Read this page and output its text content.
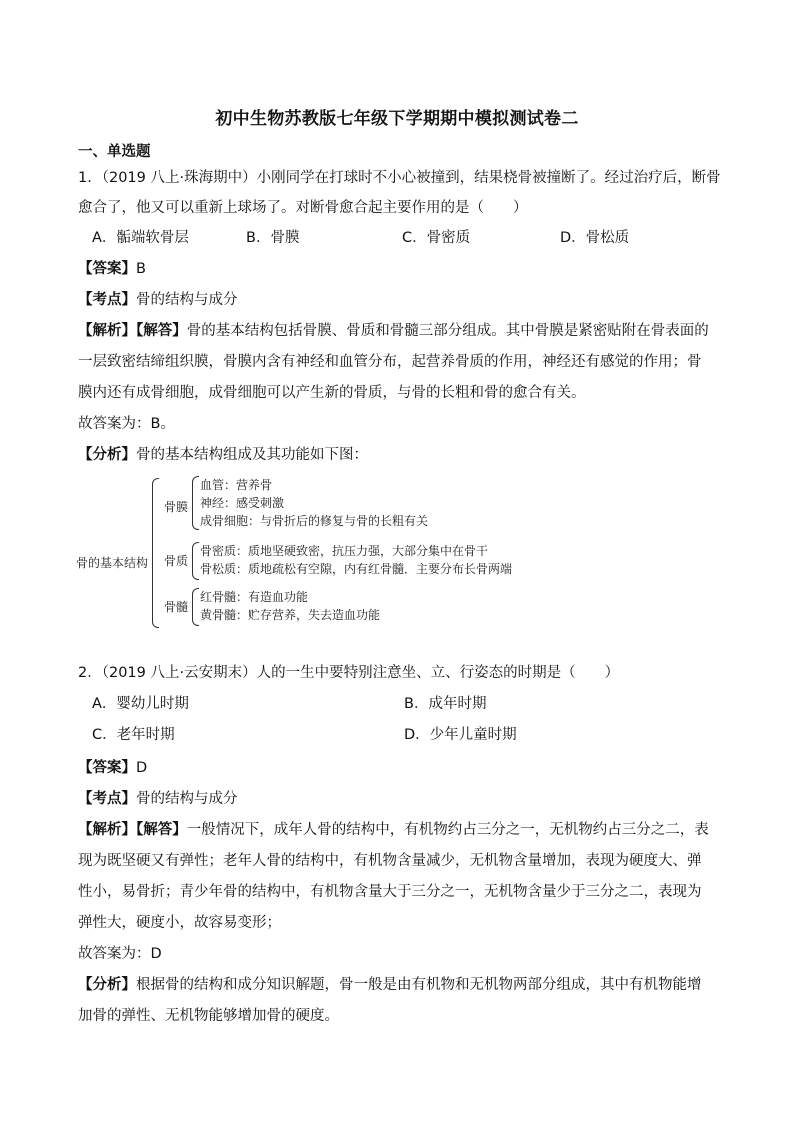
初中生物苏教版七年级下学期期中模拟测试卷二
一、单选题
1．（2019 八上·珠海期中）小刚同学在打球时不小心被撞到，结果桡骨被撞断了。经过治疗后，断骨
愈合了，他又可以重新上球场了。对断骨愈合起主要作用的是（　　）
A．骺端软骨层	B．骨膜	C．骨密质	D．骨松质
【答案】B
【考点】骨的结构与成分
【解析】【解答】骨的基本结构包括骨膜、骨质和骨髓三部分组成。其中骨膜是紧密贴附在骨表面的
一层致密结缔组织膜，骨膜内含有神经和血管分布，起营养骨质的作用，神经还有感觉的作用；骨
膜内还有成骨细胞，成骨细胞可以产生新的骨质，与骨的长粗和骨的愈合有关。
故答案为：B。
【分析】骨的基本结构组成及其功能如下图：
骨的基本结构
骨膜
血管：营养骨
神经：感受刺激
成骨细胞：与骨折后的修复与骨的长粗有关
骨质
骨密质：质地坚硬致密，抗压力强，大部分集中在骨干
骨松质：质地疏松有空隙，内有红骨髓．主要分布长骨两端
骨髓
红骨髓：有造血功能
黄骨髓：贮存营养，失去造血功能
2．（2019 八上·云安期末）人的一生中要特别注意坐、立、行姿态的时期是（　　）
A．婴幼儿时期	B．成年时期
C．老年时期	D．少年儿童时期
【答案】D
【考点】骨的结构与成分
【解析】【解答】一般情况下，成年人骨的结构中，有机物约占三分之一，无机物约占三分之二，表
现为既坚硬又有弹性；老年人骨的结构中，有机物含量减少，无机物含量增加，表现为硬度大、弹
性小，易骨折；青少年骨的结构中，有机物含量大于三分之一，无机物含量少于三分之二，表现为
弹性大，硬度小，故容易变形；
故答案为：D
【分析】根据骨的结构和成分知识解题，骨一般是由有机物和无机物两部分组成，其中有机物能增
加骨的弹性、无机物能够增加骨的硬度。
